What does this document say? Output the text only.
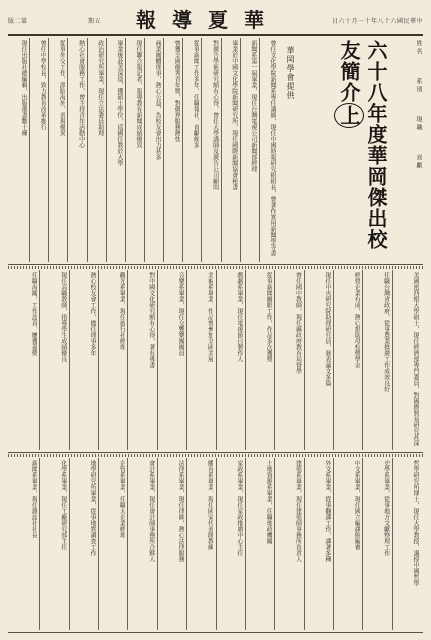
版二第	期五 報 導 夏 華	日六十月一十年八十六國民華中
姓
名
系
別
現
職
貢
獻
六十八年度華岡傑出校友簡介上
華岡學會提供
曾任文化學院新聞系專任講師，現任中國時報研究組組長，曾著作實用新聞學等書
新聞系第一屆畢業，現任台灣電視公司新聞部經理
畢業於中國文化學院新聞研究所，現任國際新聞協會秘書
對廣告學術研究頗有心得，曾任大學講師及廣告公司顧問
從事新聞工作多年，任職報社，貢獻頗多
曾獲全國優秀青年獎，對僑界服務熱忱
商業團體理事，熱心公益，為校友會出力甚多
現任聯合報記者，報導教育新聞成績優異
畢業後赴美深造，獲碩士學位，返國任教於大學
政治研究所畢業，現任立法委員助理
熱心社會服務工作，曾主持青年活動中心
從事外交工作，派駐海外，表現優異
曾任中學校長，致力教育改革推行
現任出版社總編輯，出版叢書數十種
美國密西根大學碩士，現任經濟部專門委員，對國際貿易研究甚深
任職台灣省政府，從事農業推廣工作成效良好
經營企業有成，熱心捐助母校獎學金
現任中央研究院助理研究員，發表論文多篇
曾任國中教師，現任縣政府教育局督學
從事新聞攝影工作，作品多次獲獎
戲劇系畢業，現任電視節目製作人
美術系畢業，作品曾參加全國美展
音樂系畢業，現任交響樂團團員
對中國文化研究頗有心得，著有專書
觀光系畢業，現任旅行社經理
熱心校友會工作，擔任理事多年
現任高職教師，指導學生成績優良
任職海關，工作認真，屢獲嘉獎
哲學研究所博士，現任大學教授，講授中國哲學
史學系畢業，從事地方文獻整理工作
中文系畢業，現任國立編譯館編審
外文系畢業，從事翻譯工作，譯著多種
建築系畢業，現任建築師事務所負責人
土地資源系畢業，任職地政機關
家政系畢業，現任家政推廣中心主任
體育系畢業，現任國家代表隊教練
法律系畢業，現任律師，熱心法律服務
會計系畢業，現任會計師事務所合夥人
企管系畢業，任職大企業經理
地學研究所畢業，從事地質調查工作
化學系畢業，現任工廠研究部主任
新聞系畢業，現任雜誌社社長
